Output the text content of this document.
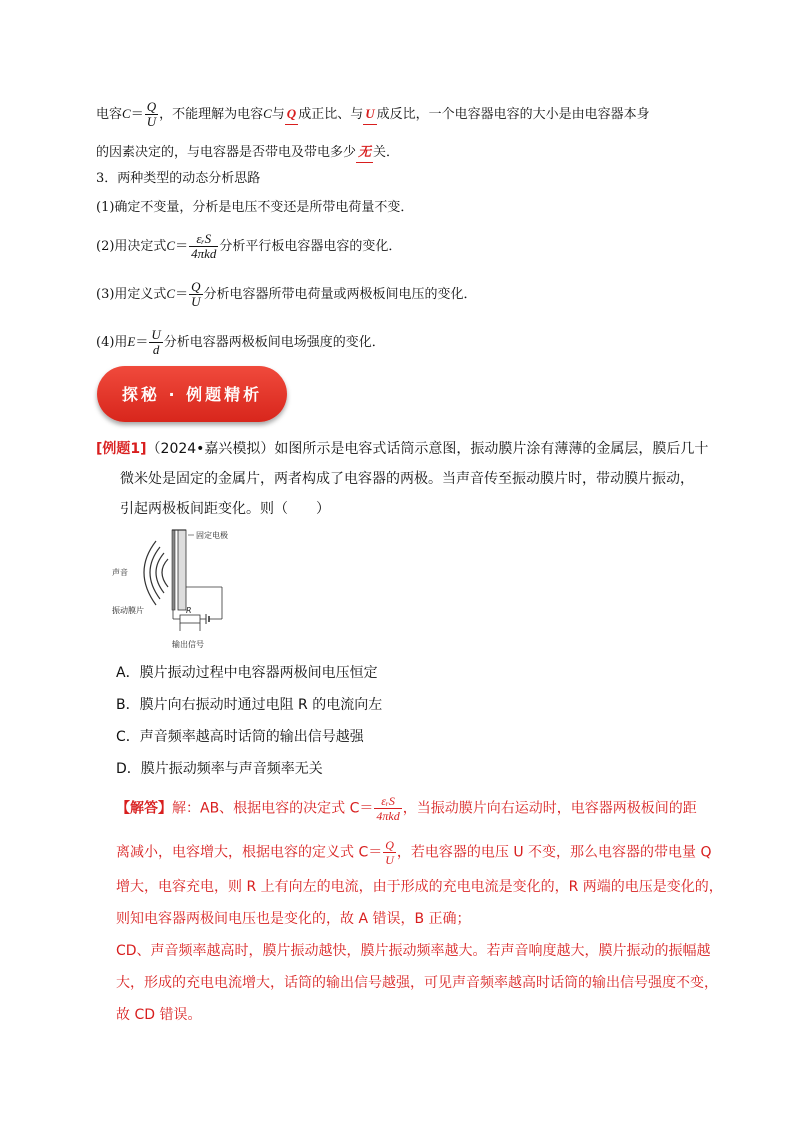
电容$C= \frac{Q}{U}$ ，不能理解为电容C与 Q 成正比、与 U 成反比，一个电容器电容的大小是由电容器本身
的因素决定的，与电容器是否带电及带电多少 无 关．
3．两种类型的动态分析思路
(1)确定不变量，分析是电压不变还是所带电荷量不变．
(2)用决定式$C= \frac{\text{εᵣS}}{\text{4πkd}}$ 分析平行板电容器电容的变化．
(3)用定义式$C= \frac{Q}{U}$ 分析电容器所带电荷量或两极板间电压的变化．
(4)用$E= \frac{U}{d}$ 分析电容器两极板间电场强度的变化．
探秘 · 例题精析
[例题1]（2024•嘉兴模拟）如图所示是电容式话筒示意图，振动膜片涂有薄薄的金属层，膜后几十
微米处是固定的金属片，两者构成了电容器的两极。当声音传至振动膜片时，带动膜片振动，
引起两极板间距变化。则（　　）
固定电极
声音
振动膜片	R
输出信号
A．膜片振动过程中电容器两极间电压恒定
B．膜片向右振动时通过电阻 R 的电流向左
C．声音频率越高时话筒的输出信号越强
D．膜片振动频率与声音频率无关
【解答】解：AB、根据电容的决定式 $C= \frac{\text{εᵣS}}{\text{4πkd}}$ ，当振动膜片向右运动时，电容器两极板间的距
离减小，电容增大，根据电容的定义式 $C= \frac{Q}{U}$ ，若电容器的电压 U 不变，那么电容器的带电量 Q
增大，电容充电，则 R 上有向左的电流，由于形成的充电电流是变化的，R 两端的电压是变化的，
则知电容器两极间电压也是变化的，故 A 错误，B 正确；
CD、声音频率越高时，膜片振动越快，膜片振动频率越大。若声音响度越大，膜片振动的振幅越
大，形成的充电电流增大，话筒的输出信号越强，可见声音频率越高时话筒的输出信号强度不变，
故 CD 错误。
